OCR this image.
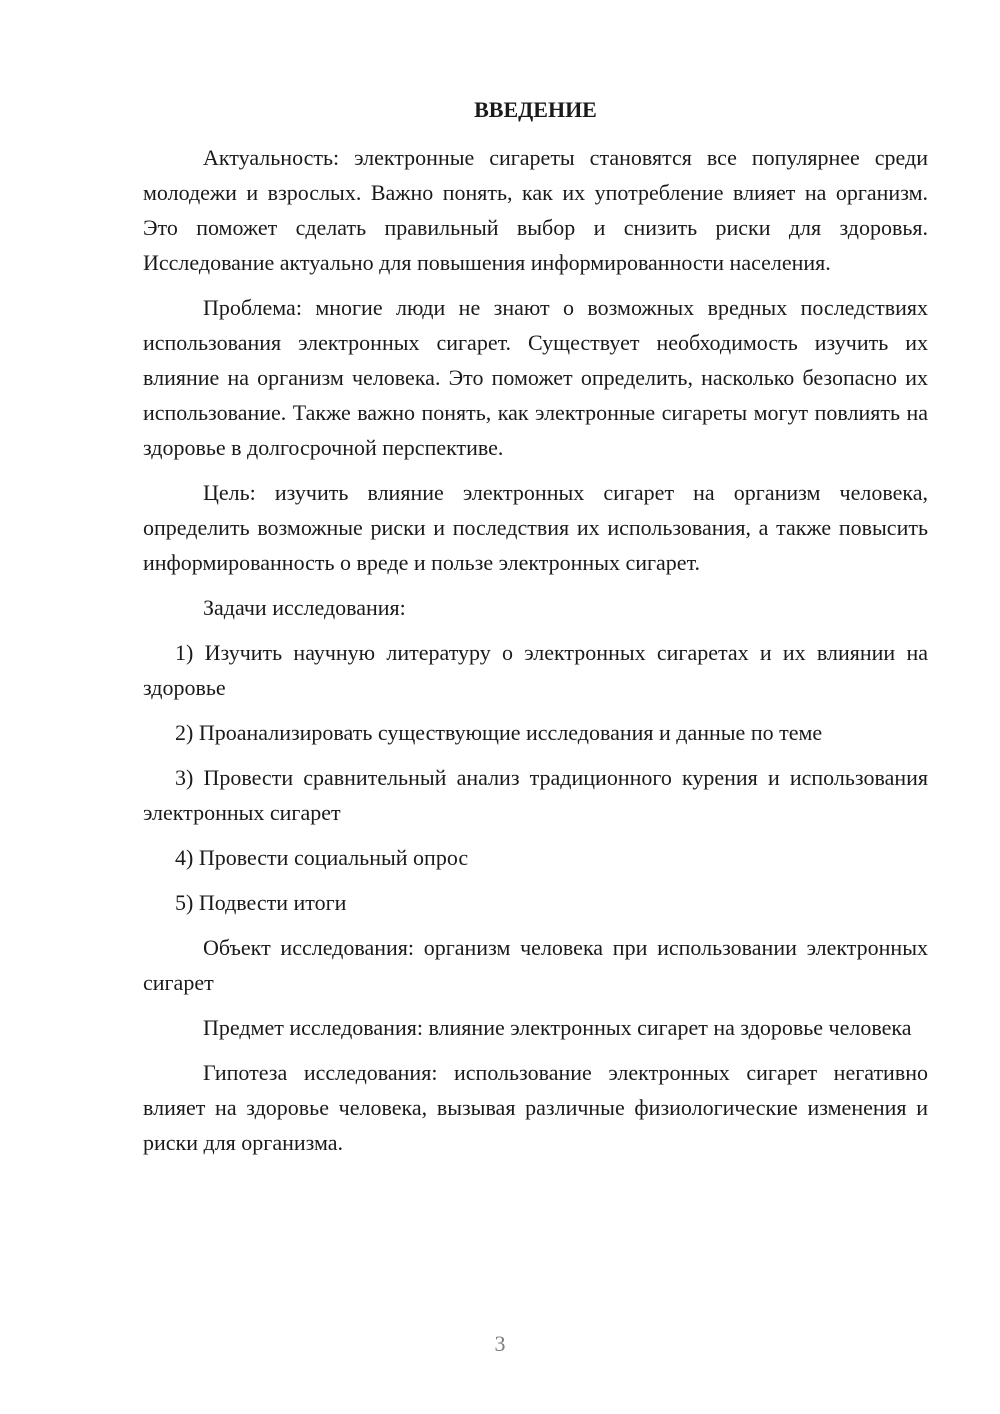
ВВЕДЕНИЕ

Актуальность: электронные сигареты становятся все популярнее среди молодежи и взрослых. Важно понять, как их употребление влияет на организм. Это поможет сделать правильный выбор и снизить риски для здоровья. Исследование актуально для повышения информированности населения.

Проблема: многие люди не знают о возможных вредных последствиях использования электронных сигарет. Существует необходимость изучить их влияние на организм человека. Это поможет определить, насколько безопасно их использование. Также важно понять, как электронные сигареты могут повлиять на здоровье в долгосрочной перспективе.

Цель: изучить влияние электронных сигарет на организм человека, определить возможные риски и последствия их использования, а также повысить информированность о вреде и пользе электронных сигарет.

Задачи исследования:

1) Изучить научную литературу о электронных сигаретах и их влиянии на здоровье

2) Проанализировать существующие исследования и данные по теме

3) Провести сравнительный анализ традиционного курения и использования электронных сигарет

4) Провести социальный опрос

5) Подвести итоги

Объект исследования: организм человека при использовании электронных сигарет

Предмет исследования: влияние электронных сигарет на здоровье человека

Гипотеза исследования: использование электронных сигарет негативно влияет на здоровье человека, вызывая различные физиологические изменения и риски для организма.

3
